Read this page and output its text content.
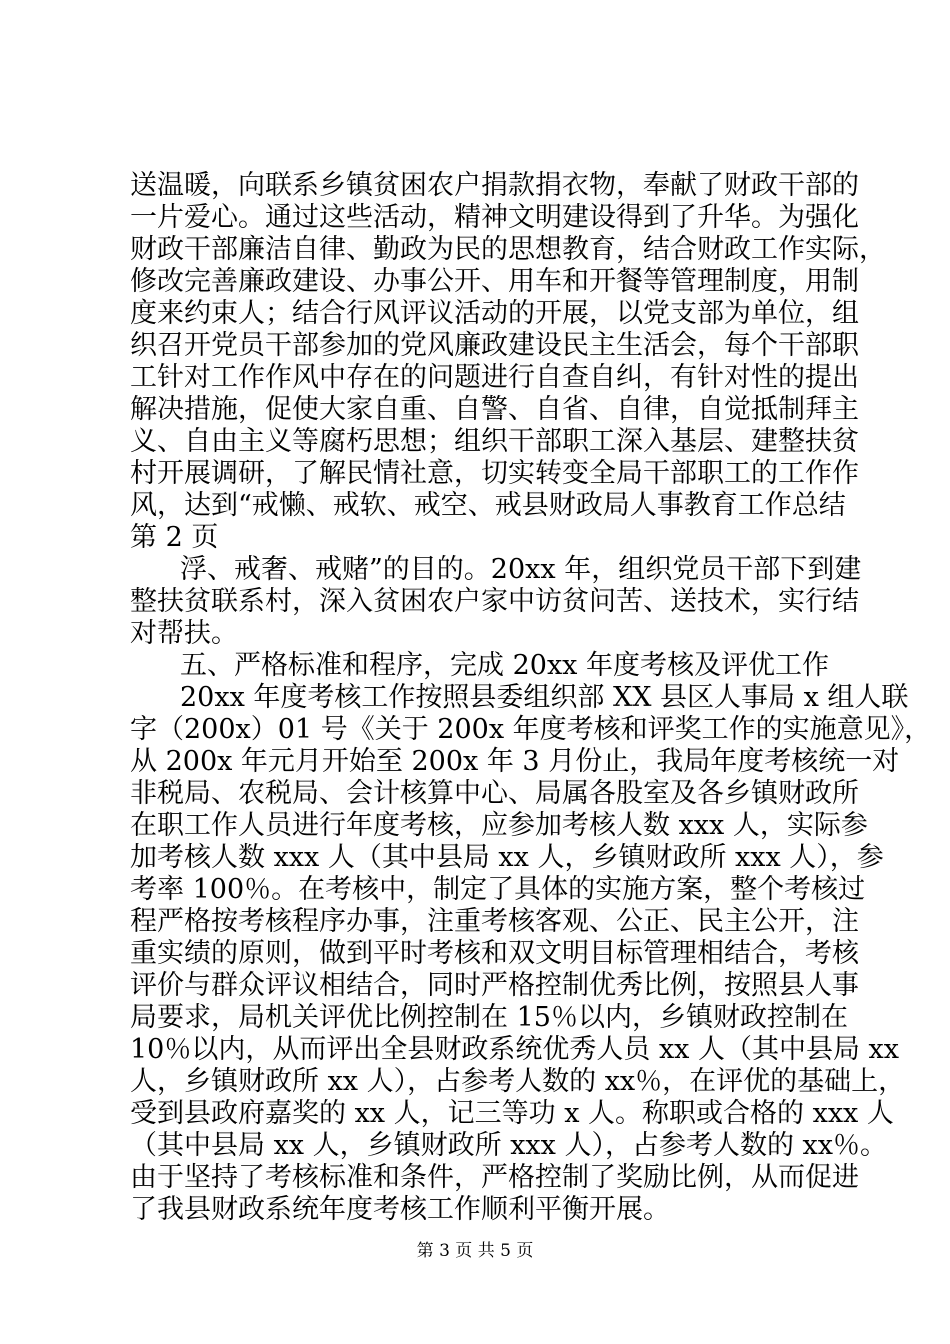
送温暖，向联系乡镇贫困农户捐款捐衣物，奉献了财政干部的
一片爱心。通过这些活动，精神文明建设得到了升华。为强化
财政干部廉洁自律、勤政为民的思想教育，结合财政工作实际，
修改完善廉政建设、办事公开、用车和开餐等管理制度，用制
度来约束人；结合行风评议活动的开展，以党支部为单位，组
织召开党员干部参加的党风廉政建设民主生活会，每个干部职
工针对工作作风中存在的问题进行自查自纠，有针对性的提出
解决措施，促使大家自重、自警、自省、自律，自觉抵制拜主
义、自由主义等腐朽思想；组织干部职工深入基层、建整扶贫
村开展调研，了解民情社意，切实转变全局干部职工的工作作
风，达到“戒懒、戒软、戒空、戒县财政局人事教育工作总结
第 2 页
浮、戒奢、戒赌”的目的。20xx 年，组织党员干部下到建
整扶贫联系村，深入贫困农户家中访贫问苦、送技术，实行结
对帮扶。
五、严格标准和程序，完成 20xx 年度考核及评优工作
20xx 年度考核工作按照县委组织部 XX 县区人事局 x 组人联
字（200x）01 号《关于 200x 年度考核和评奖工作的实施意见》，
从 200x 年元月开始至 200x 年 3 月份止，我局年度考核统一对
非税局、农税局、会计核算中心、局属各股室及各乡镇财政所
在职工作人员进行年度考核，应参加考核人数 xxx 人，实际参
加考核人数 xxx 人（其中县局 xx 人，乡镇财政所 xxx 人），参
考率 100％。在考核中，制定了具体的实施方案，整个考核过
程严格按考核程序办事，注重考核客观、公正、民主公开，注
重实绩的原则，做到平时考核和双文明目标管理相结合，考核
评价与群众评议相结合，同时严格控制优秀比例，按照县人事
局要求，局机关评优比例控制在 15％以内，乡镇财政控制在
10％以内，从而评出全县财政系统优秀人员 xx 人（其中县局 xx
人，乡镇财政所 xx 人），占参考人数的 xx％，在评优的基础上，
受到县政府嘉奖的 xx 人，记三等功 x 人。称职或合格的 xxx 人
（其中县局 xx 人，乡镇财政所 xxx 人），占参考人数的 xx％。
由于坚持了考核标准和条件，严格控制了奖励比例，从而促进
了我县财政系统年度考核工作顺利平衡开展。
第 3 页 共 5 页
